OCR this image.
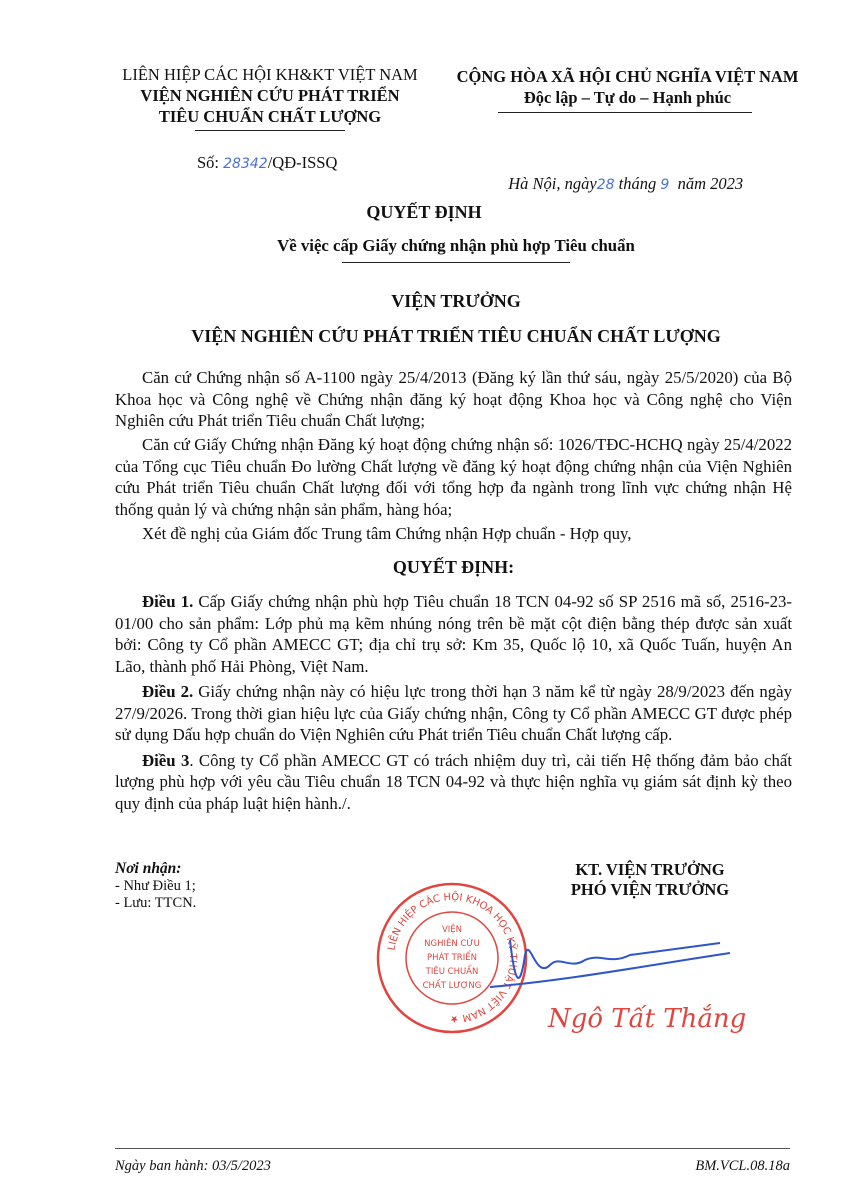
LIÊN HIỆP CÁC HỘI KH&KT VIỆT NAM
VIỆN NGHIÊN CỨU PHÁT TRIỂN
TIÊU CHUẨN CHẤT LƯỢNG
CỘNG HÒA XÃ HỘI CHỦ NGHĨA VIỆT NAM
Độc lập – Tự do – Hạnh phúc
Số: 28342/QĐ-ISSQ

Hà Nội, ngày28 tháng 9  năm 2023

QUYẾT ĐỊNH
Về việc cấp Giấy chứng nhận phù hợp Tiêu chuẩn
VIỆN TRƯỞNG
VIỆN NGHIÊN CỨU PHÁT TRIỂN TIÊU CHUẨN CHẤT LƯỢNG

Căn cứ Chứng nhận số A-1100 ngày 25/4/2013 (Đăng ký lần thứ sáu, ngày 25/5/2020) của Bộ Khoa học và Công nghệ về Chứng nhận đăng ký hoạt động Khoa học và Công nghệ cho Viện Nghiên cứu Phát triển Tiêu chuẩn Chất lượng;

Căn cứ Giấy Chứng nhận Đăng ký hoạt động chứng nhận số: 1026/TĐC-HCHQ ngày 25/4/2022 của Tổng cục Tiêu chuẩn Đo lường Chất lượng về đăng ký hoạt động chứng nhận của Viện Nghiên cứu Phát triển Tiêu chuẩn Chất lượng đối với tổng hợp đa ngành trong lĩnh vực chứng nhận Hệ thống quản lý và chứng nhận sản phẩm, hàng hóa;

Xét đề nghị của Giám đốc Trung tâm Chứng nhận Hợp chuẩn - Hợp quy,

QUYẾT ĐỊNH:

Điều 1. Cấp Giấy chứng nhận phù hợp Tiêu chuẩn 18 TCN 04-92 số SP 2516 mã số, 2516-23-01/00 cho sản phẩm: Lớp phủ mạ kẽm nhúng nóng trên bề mặt cột điện bằng thép được sản xuất bởi: Công ty Cổ phần AMECC GT; địa chỉ trụ sở: Km 35, Quốc lộ 10, xã Quốc Tuấn, huyện An Lão, thành phố Hải Phòng, Việt Nam.

Điều 2. Giấy chứng nhận này có hiệu lực trong thời hạn 3 năm kể từ ngày 28/9/2023 đến ngày 27/9/2026. Trong thời gian hiệu lực của Giấy chứng nhận, Công ty Cổ phần AMECC GT được phép sử dụng Dấu hợp chuẩn do Viện Nghiên cứu Phát triển Tiêu chuẩn Chất lượng cấp.

Điều 3. Công ty Cổ phần AMECC GT có trách nhiệm duy trì, cải tiến Hệ thống đảm bảo chất lượng phù hợp với yêu cầu Tiêu chuẩn 18 TCN 04-92 và thực hiện nghĩa vụ giám sát định kỳ theo quy định của pháp luật hiện hành./.

Nơi nhận:
- Như Điều 1;
- Lưu: TTCN.
LIÊN HIỆP CÁC HỘI KHOA HỌC KỸ THUẬT VIỆT NAM ★
VIỆN
NGHIÊN CỨU
PHÁT TRIỂN
TIÊU CHUẨN
CHẤT LƯỢNG
KT. VIỆN TRƯỞNG
PHÓ VIỆN TRƯỞNG
Ngô Tất Thắng
Ngày ban hành: 03/5/2023	BM.VCL.08.18a
